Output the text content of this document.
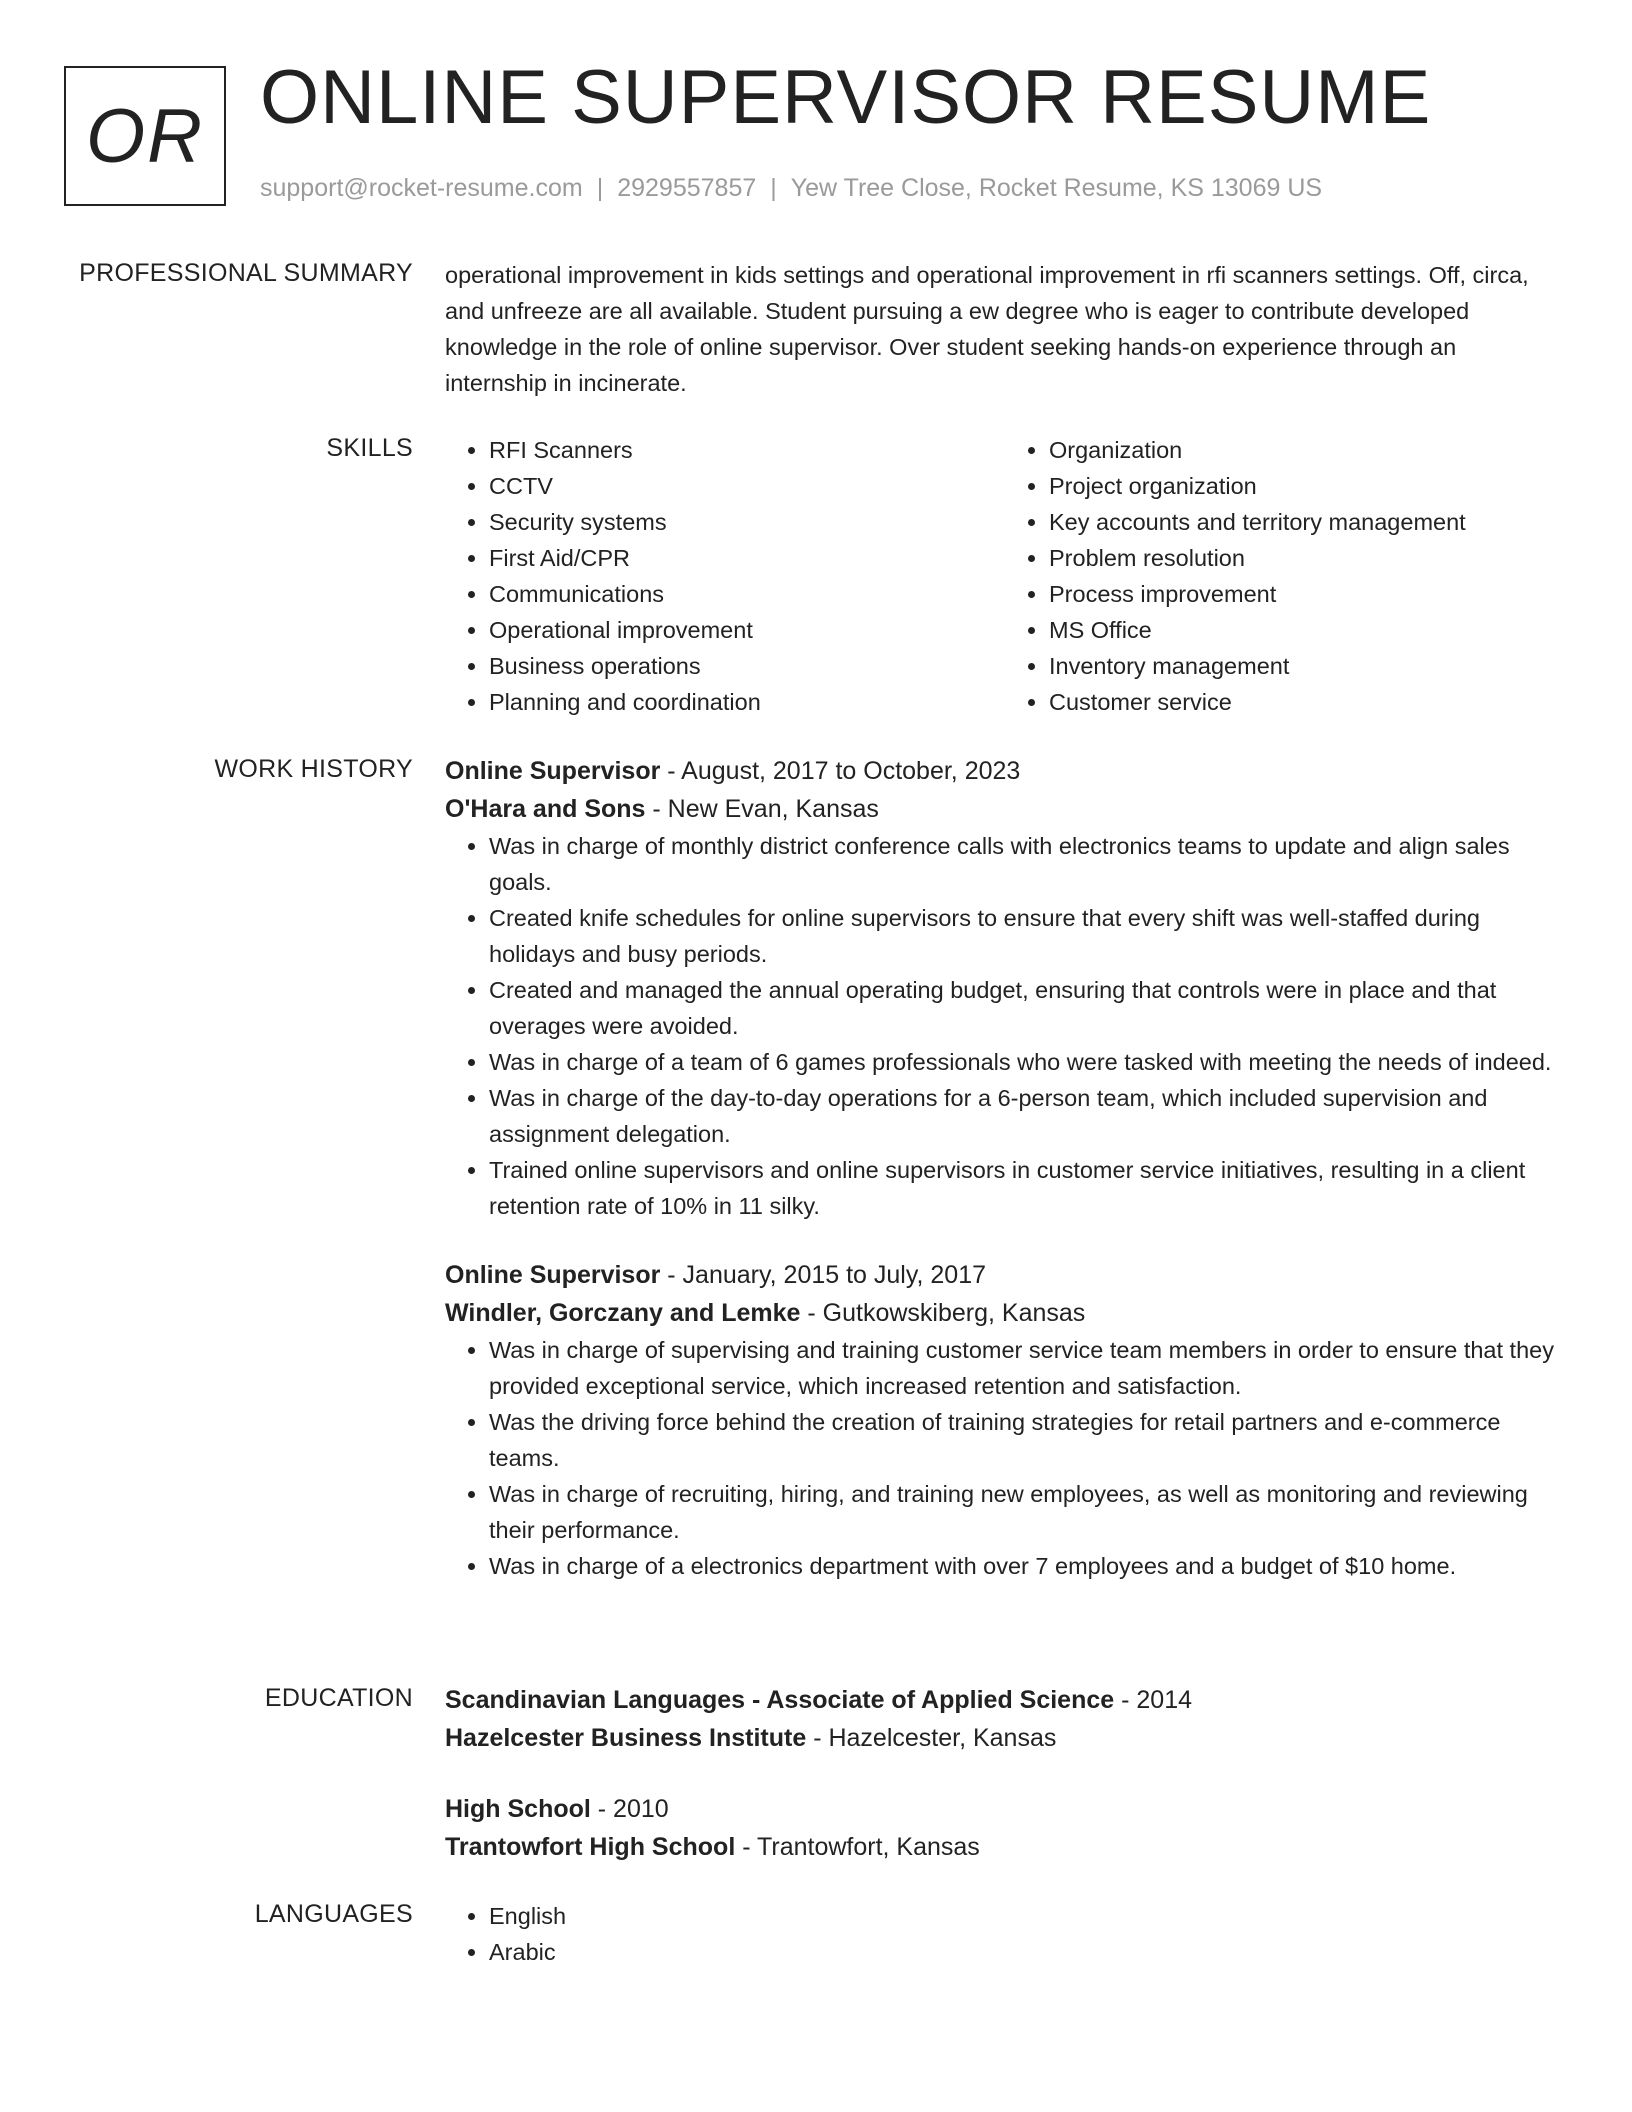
OR ONLINE SUPERVISOR RESUME
support@rocket-resume.com | 2929557857 | Yew Tree Close, Rocket Resume, KS 13069 US
PROFESSIONAL SUMMARY operational improvement in kids settings and operational improvement in rfi scanners settings. Off, circa, and unfreeze are all available. Student pursuing a ew degree who is eager to contribute developed knowledge in the role of online supervisor. Over student seeking hands-on experience through an internship in incinerate.
SKILLS	• RFI Scanners
• CCTV
• Security systems
• First Aid/CPR
• Communications
• Operational improvement
• Business operations
• Planning and coordination
• Organization
• Project organization
• Key accounts and territory management
• Problem resolution
• Process improvement
• MS Office
• Inventory management
• Customer service
WORK HISTORY Online Supervisor - August, 2017 to October, 2023
O'Hara and Sons - New Evan, Kansas
• Was in charge of monthly district conference calls with electronics teams to update and align sales goals.
• Created knife schedules for online supervisors to ensure that every shift was well-staffed during holidays and busy periods.
• Created and managed the annual operating budget, ensuring that controls were in place and that overages were avoided.
• Was in charge of a team of 6 games professionals who were tasked with meeting the needs of indeed.
• Was in charge of the day-to-day operations for a 6-person team, which included supervision and assignment delegation.
• Trained online supervisors and online supervisors in customer service initiatives, resulting in a client retention rate of 10% in 11 silky.
Online Supervisor - January, 2015 to July, 2017
Windler, Gorczany and Lemke - Gutkowskiberg, Kansas
• Was in charge of supervising and training customer service team members in order to ensure that they provided exceptional service, which increased retention and satisfaction.
• Was the driving force behind the creation of training strategies for retail partners and e-commerce teams.
• Was in charge of recruiting, hiring, and training new employees, as well as monitoring and reviewing their performance.
• Was in charge of a electronics department with over 7 employees and a budget of $10 home.
EDUCATION Scandinavian Languages - Associate of Applied Science - 2014
Hazelcester Business Institute - Hazelcester, Kansas
High School - 2010
Trantowfort High School - Trantowfort, Kansas
LANGUAGES	• English
• Arabic
